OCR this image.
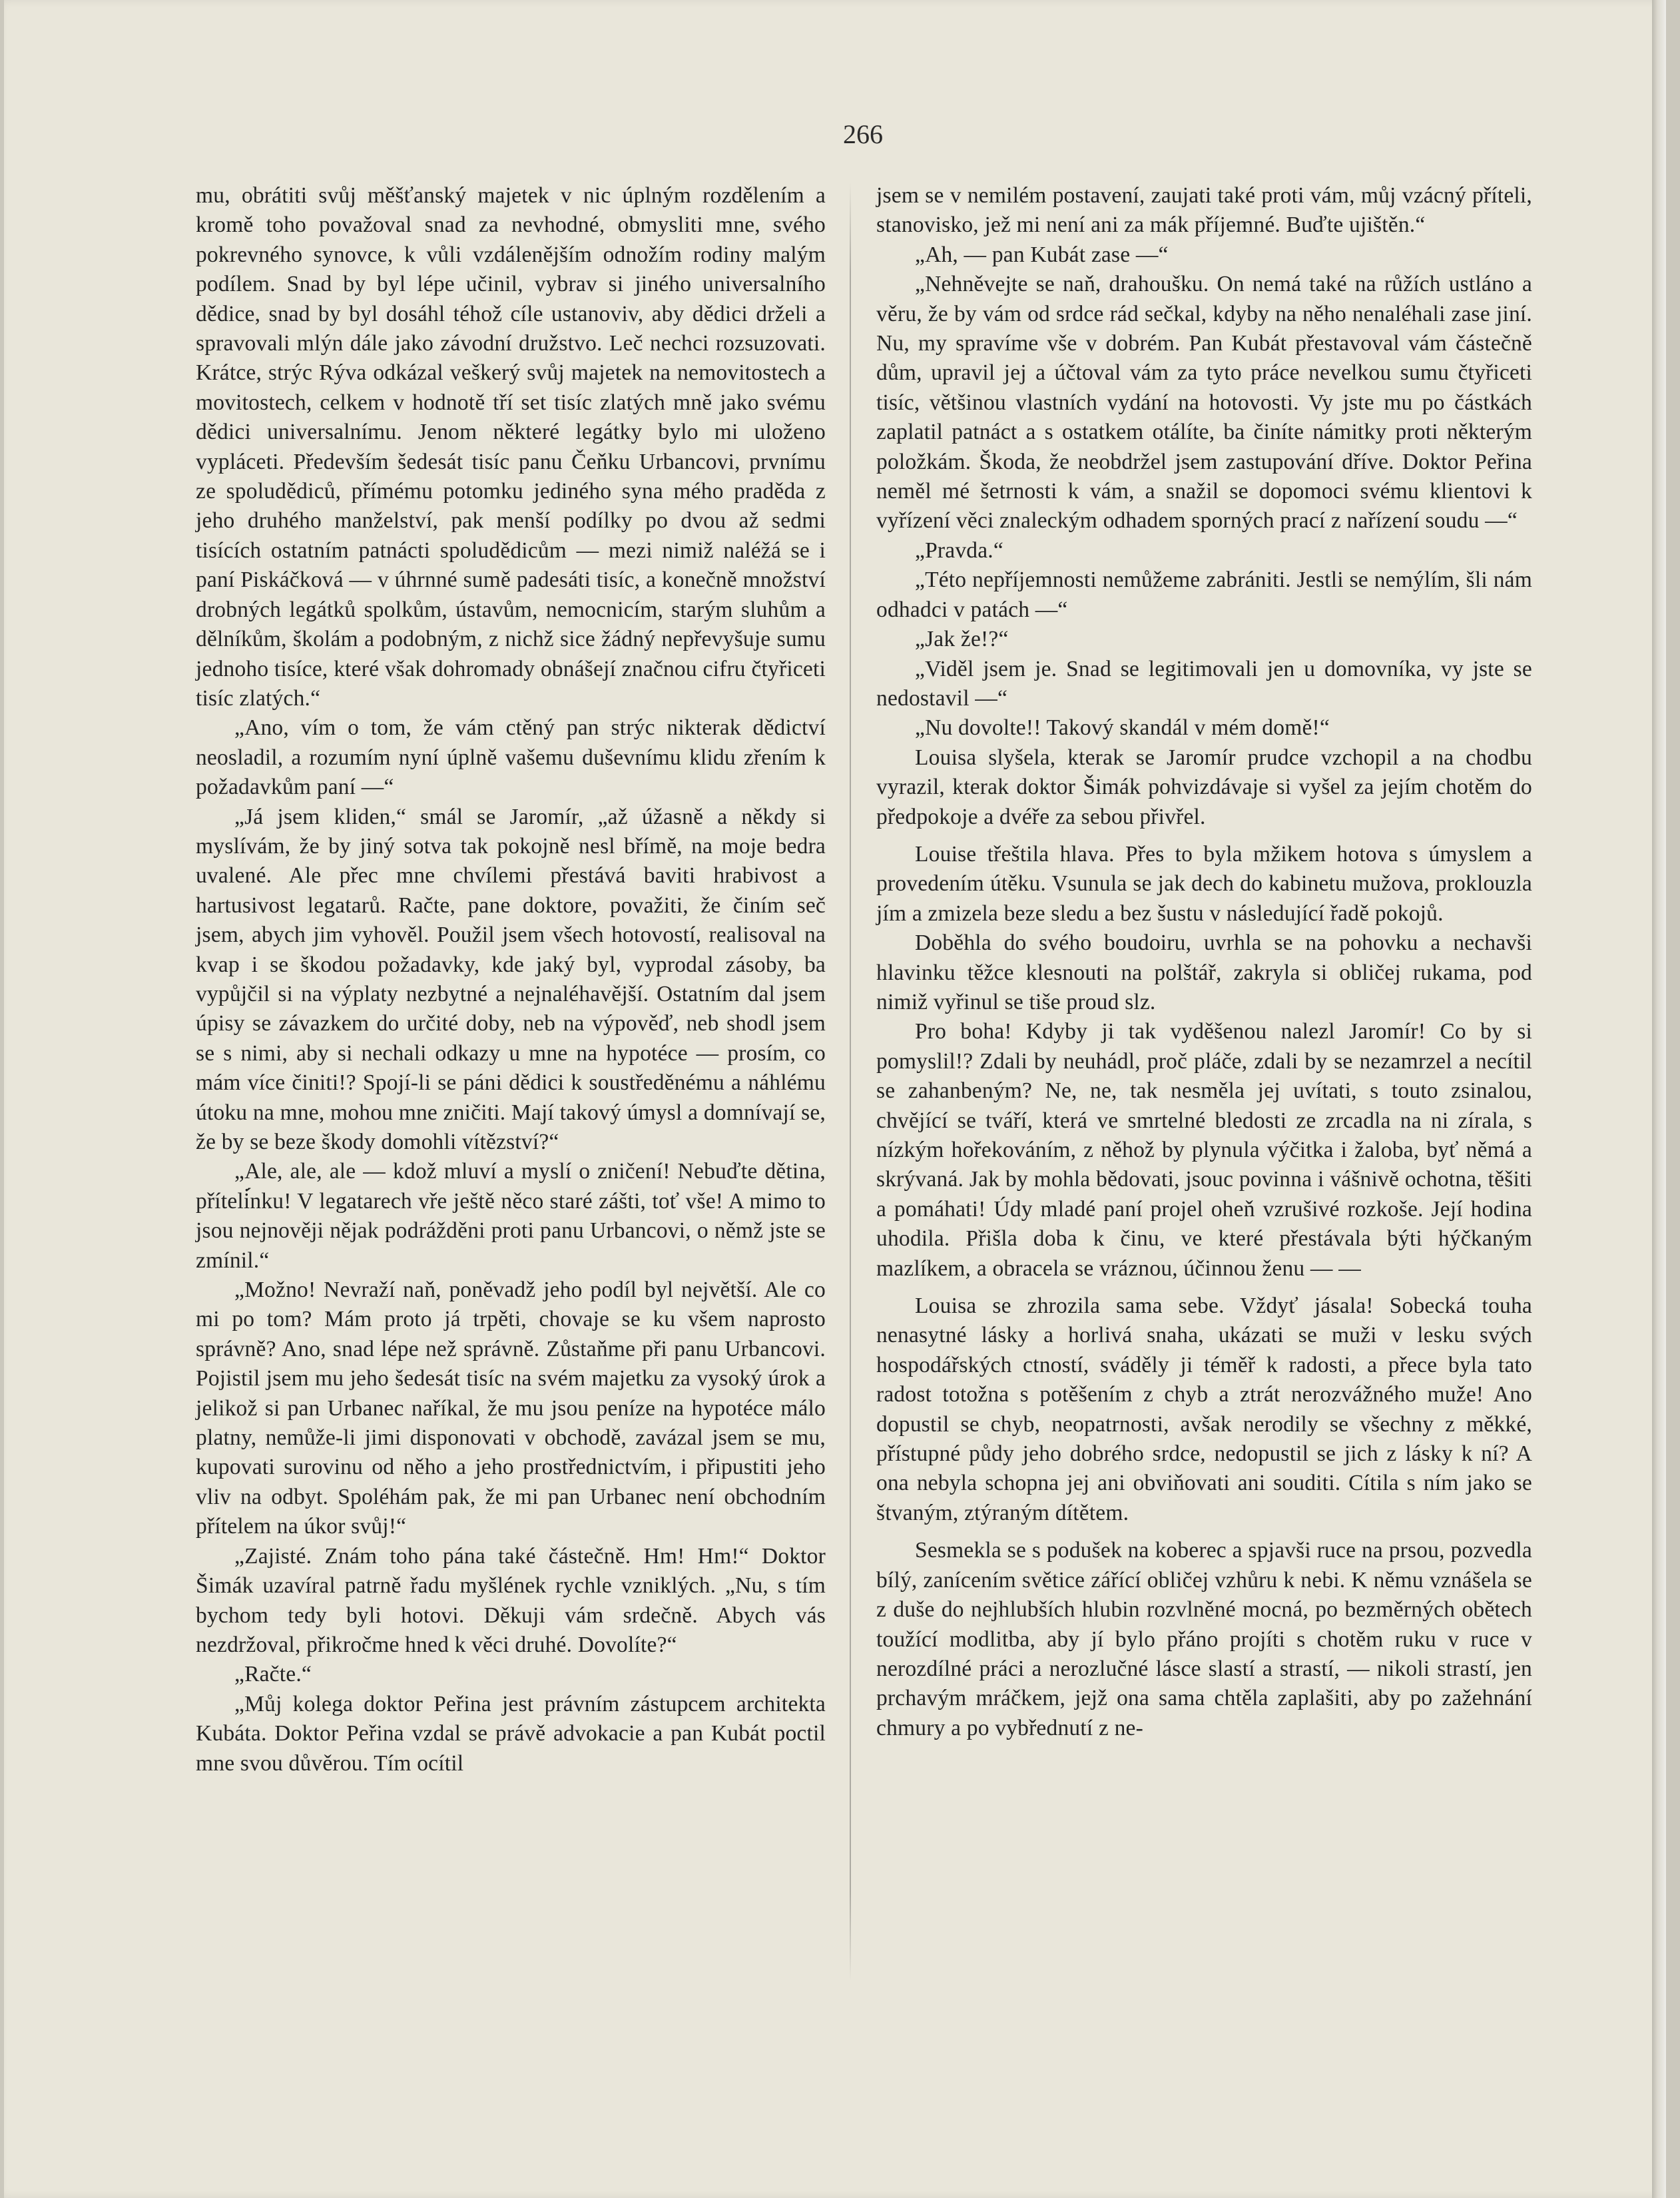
266

mu, obrátiti svůj měšťanský majetek v nic úplným rozdělením a kromě toho považoval snad za nevhodné, obmysliti mne, svého pokrevného synovce, k vůli vzdálenějším odnožím rodiny malým podílem. Snad by byl lépe učinil, vybrav si jiného universalního dědice, snad by byl dosáhl téhož cíle ustanoviv, aby dědici drželi a spravovali mlýn dále jako závodní družstvo. Leč nechci rozsuzovati. Krátce, strýc Rýva odkázal veškerý svůj majetek na nemovitostech a movitostech, celkem v hodnotě tří set tisíc zlatých mně jako svému dědici universalnímu. Jenom některé legátky bylo mi uloženo vypláceti. Především šedesát tisíc panu Čeňku Urbancovi, prvnímu ze spoludědiců, přímému potomku jediného syna mého praděda z jeho druhého manželství, pak menší podílky po dvou až sedmi tisících ostatním patnácti spoludědicům — mezi nimiž naléžá se i paní Piskáčková — v úhrnné sumě padesáti tisíc, a konečně množství drobných legátků spolkům, ústavům, nemocnicím, starým sluhům a dělníkům, školám a podobným, z nichž sice žádný nepřevyšuje sumu jednoho tisíce, které však dohromady obnášejí značnou cifru čtyřiceti tisíc zlatých.“

„Ano, vím o tom, že vám ctěný pan strýc nikterak dědictví neosladil, a rozumím nyní úplně vašemu duševnímu klidu zřením k požadavkům paní —“

„Já jsem kliden,“ smál se Jaromír, „až úžasně a někdy si myslívám, že by jiný sotva tak pokojně nesl břímě, na moje bedra uvalené. Ale přec mne chvílemi přestává baviti hrabivost a hartusivost legatarů. Račte, pane doktore, považiti, že činím seč jsem, abych jim vyhověl. Použil jsem všech hotovostí, realisoval na kvap i se škodou požadavky, kde jaký byl, vyprodal zásoby, ba vypůjčil si na výplaty nezbytné a nejnaléhavější. Ostatním dal jsem úpisy se závazkem do určité doby, neb na výpověď, neb shodl jsem se s nimi, aby si nechali odkazy u mne na hypotéce — prosím, co mám více činiti!? Spojí-li se páni dědici k soustředěnému a náhlému útoku na mne, mohou mne zničiti. Mají takový úmysl a domnívají se, že by se beze škody domohli vítězství?“

„Ale, ale, ale — kdož mluví a myslí o zničení! Nebuďte dětina, příteli̇́nku! V legatarech vře ještě něco staré zášti, toť vše! A mimo to jsou nejnověji nějak podrážděni proti panu Urbancovi, o němž jste se zmínil.“

„Možno! Nevraží naň, poněvadž jeho podíl byl největší. Ale co mi po tom? Mám proto já trpěti, chovaje se ku všem naprosto správně? Ano, snad lépe než správně. Zůstaňme při panu Urbancovi. Pojistil jsem mu jeho šedesát tisíc na svém majetku za vysoký úrok a jelikož si pan Urbanec naříkal, že mu jsou peníze na hypotéce málo platny, nemůže-li jimi disponovati v obchodě, zavázal jsem se mu, kupovati surovinu od něho a jeho prostřednictvím, i připustiti jeho vliv na odbyt. Spoléhám pak, že mi pan Urbanec není obchodním přítelem na úkor svůj!“

„Zajisté. Znám toho pána také částečně. Hm! Hm!“ Doktor Šimák uzavíral patrně řadu myšlének rychle vzniklých. „Nu, s tím bychom tedy byli hotovi. Děkuji vám srdečně. Abych vás nezdržoval, přikročme hned k věci druhé. Dovolíte?“

„Račte.“

„Můj kolega doktor Peřina jest právním zástupcem architekta Kubáta. Doktor Peřina vzdal se právě advokacie a pan Kubát poctil mne svou důvěrou. Tím ocítil

jsem se v nemilém postavení, zaujati také proti vám, můj vzácný příteli, stanovisko, jež mi není ani za mák příjemné. Buďte ujištěn.“

„Ah, — pan Kubát zase —“

„Nehněvejte se naň, drahoušku. On nemá také na růžích ustláno a věru, že by vám od srdce rád sečkal, kdyby na něho nenaléhali zase jiní. Nu, my spravíme vše v dobrém. Pan Kubát přestavoval vám částečně dům, upravil jej a účtoval vám za tyto práce nevelkou sumu čtyřiceti tisíc, většinou vlastních vydání na hotovosti. Vy jste mu po částkách zaplatil patnáct a s ostatkem otálíte, ba činíte námitky proti některým položkám. Škoda, že neobdržel jsem zastupování dříve. Doktor Peřina neměl mé šetrnosti k vám, a snažil se dopomoci svému klientovi k vyřízení věci znaleckým odhadem sporných prací z nařízení soudu —“

„Pravda.“

„Této nepříjemnosti nemůžeme zabrániti. Jestli se nemýlím, šli nám odhadci v patách —“

„Jak že!?“

„Viděl jsem je. Snad se legitimovali jen u domovníka, vy jste se nedostavil —“

„Nu dovolte!! Takový skandál v mém domě!“

Louisa slyšela, kterak se Jaromír prudce vzchopil a na chodbu vyrazil, kterak doktor Šimák pohvizdávaje si vyšel za jejím chotěm do předpokoje a dvéře za sebou přivřel.

Louise třeštila hlava. Přes to byla mžikem hotova s úmyslem a provedením útěku. Vsunula se jak dech do kabinetu mužova, proklouzla jím a zmizela beze sledu a bez šustu v následující řadě pokojů.

Doběhla do svého boudoiru, uvrhla se na pohovku a nechavši hlavinku těžce klesnouti na polštář, zakryla si obličej rukama, pod nimiž vyřinul se tiše proud slz.

Pro boha! Kdyby ji tak vyděšenou nalezl Jaromír! Co by si pomyslil!? Zdali by neuhádl, proč pláče, zdali by se nezamrzel a necítil se zahanbeným? Ne, ne, tak nesměla jej uvítati, s touto zsinalou, chvějící se tváří, která ve smrtelné bledosti ze zrcadla na ni zírala, s nízkým hořekováním, z něhož by plynula výčitka i žaloba, byť němá a skrývaná. Jak by mohla bědovati, jsouc povinna i vášnivě ochotna, těšiti a pomáhati! Údy mladé paní projel oheň vzrušivé rozkoše. Její hodina uhodila. Přišla doba k činu, ve které přestávala býti hýčkaným mazlíkem, a obracela se vráznou, účinnou ženu — —

Louisa se zhrozila sama sebe. Vždyť jásala! Sobecká touha nenasytné lásky a horlivá snaha, ukázati se muži v lesku svých hospodářských ctností, sváděly ji téměř k radosti, a přece byla tato radost totožna s potěšením z chyb a ztrát nerozvážného muže! Ano dopustil se chyb, neopatrnosti, avšak nerodily se všechny z měkké, přístupné půdy jeho dobrého srdce, nedopustil se jich z lásky k ní? A ona nebyla schopna jej ani obviňovati ani souditi. Cítila s ním jako se štvaným, ztýraným dítětem.

Sesmekla se s podušek na koberec a spjavši ruce na prsou, pozvedla bílý, zanícením světice zářící obličej vzhůru k nebi. K němu vznášela se z duše do nejhlubších hlubin rozvlněné mocná, po bezměrných obětech toužící modlitba, aby jí bylo přáno projíti s chotěm ruku v ruce v nerozdílné práci a nerozlučné lásce slastí a strastí, — nikoli strastí, jen prchavým mráčkem, jejž ona sama chtěla zaplašiti, aby po zažehnání chmury a po vybřednutí z ne-
